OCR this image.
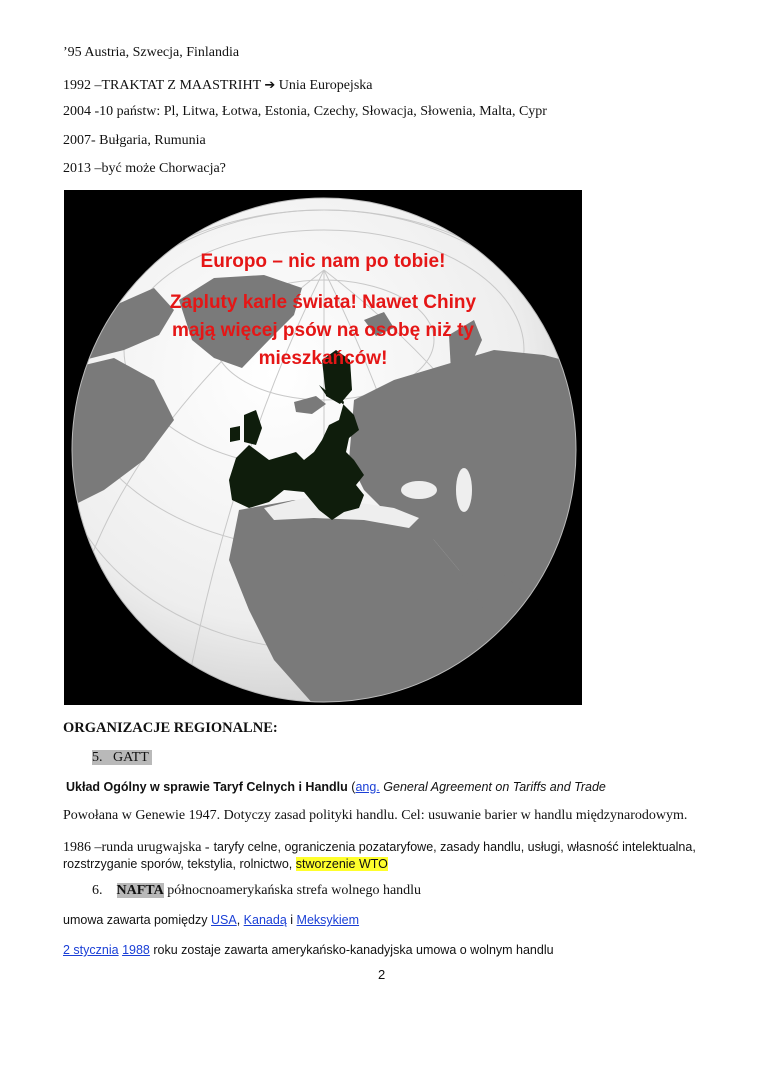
’95 Austria, Szwecja, Finlandia
1992 –TRAKTAT Z MAASTRIHT ➔ Unia Europejska
2004 -10 państw: Pl, Litwa, Łotwa, Estonia, Czechy, Słowacja, Słowenia, Malta, Cypr
2007- Bułgaria, Rumunia
2013 –być może Chorwacja?
Europo – nic nam po tobie!
Zapluty karle świata! Nawet Chiny
mają więcej psów na osobę niż ty
mieszkańców!
ORGANIZACJE REGIONALNE:
5. GATT
Układ Ogólny w sprawie Taryf Celnych i Handlu (ang. General Agreement on Tariffs and Trade
Powołana w Genewie 1947. Dotyczy zasad polityki handlu. Cel: usuwanie barier w handlu międzynarodowym.
1986 –runda urugwajska - taryfy celne, ograniczenia pozataryfowe, zasady handlu, usługi, własność intelektualna,
rozstrzyganie sporów, tekstylia, rolnictwo, stworzenie WTO
6. NAFTA północnoamerykańska strefa wolnego handlu
umowa zawarta pomiędzy USA, Kanadą i Meksykiem
2 stycznia 1988 roku zostaje zawarta amerykańsko-kanadyjska umowa o wolnym handlu
2
